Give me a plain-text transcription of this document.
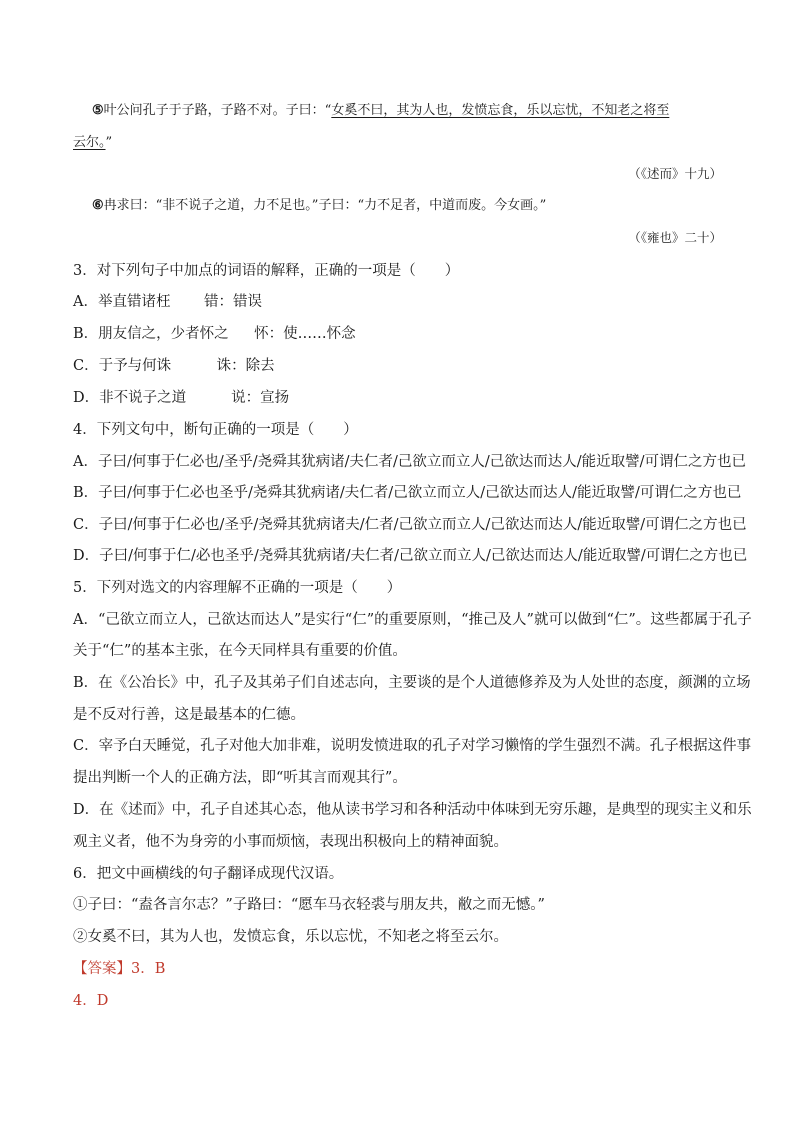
⑤叶公问孔子于子路，子路不对。子曰：“女奚不曰，其为人也，发愤忘食，乐以忘忧，不知老之将至
云尔。”
（《述而》十九）
⑥冉求曰：“非不说子之道，力不足也。”子曰：“力不足者，中道而废。今女画。”
（《雍也》二十）
3．对下列句子中加点的词语的解释，正确的一项是（　　）
A．举直错诸枉 错：错误
B．朋友信之，少者怀之 怀：使……怀念
C．于予与何诛	诛：除去
D．非不说子之道	说：宣扬
4．下列文句中，断句正确的一项是（　　）
A．子曰/何事于仁必也/圣乎/尧舜其犹病诸/夫仁者/己欲立而立人/己欲达而达人/能近取譬/可谓仁之方也已
B．子曰/何事于仁必也圣乎/尧舜其犹病诸/夫仁者/己欲立而立人/己欲达而达人/能近取譬/可谓仁之方也已
C．子曰/何事于仁必也/圣乎/尧舜其犹病诸夫/仁者/己欲立而立人/己欲达而达人/能近取譬/可谓仁之方也已
D．子曰/何事于仁/必也圣乎/尧舜其犹病诸/夫仁者/己欲立而立人/己欲达而达人/能近取譬/可谓仁之方也已
5．下列对选文的内容理解不正确的一项是（　　）
A．“己欲立而立人，己欲达而达人”是实行“仁”的重要原则，“推己及人”就可以做到“仁”。这些都属于孔子
关于“仁”的基本主张，在今天同样具有重要的价值。
B．在《公冶长》中，孔子及其弟子们自述志向，主要谈的是个人道德修养及为人处世的态度，颜渊的立场
是不反对行善，这是最基本的仁德。
C．宰予白天睡觉，孔子对他大加非难，说明发愤进取的孔子对学习懒惰的学生强烈不满。孔子根据这件事
提出判断一个人的正确方法，即“听其言而观其行”。
D．在《述而》中，孔子自述其心态，他从读书学习和各种活动中体味到无穷乐趣，是典型的现实主义和乐
观主义者，他不为身旁的小事而烦恼，表现出积极向上的精神面貌。
6．把文中画横线的句子翻译成现代汉语。
①子曰：“盍各言尔志？”子路曰：“愿车马衣轻裘与朋友共，敝之而无憾。”
②女奚不曰，其为人也，发愤忘食，乐以忘忧，不知老之将至云尔。
【答案】3．B
4．D
